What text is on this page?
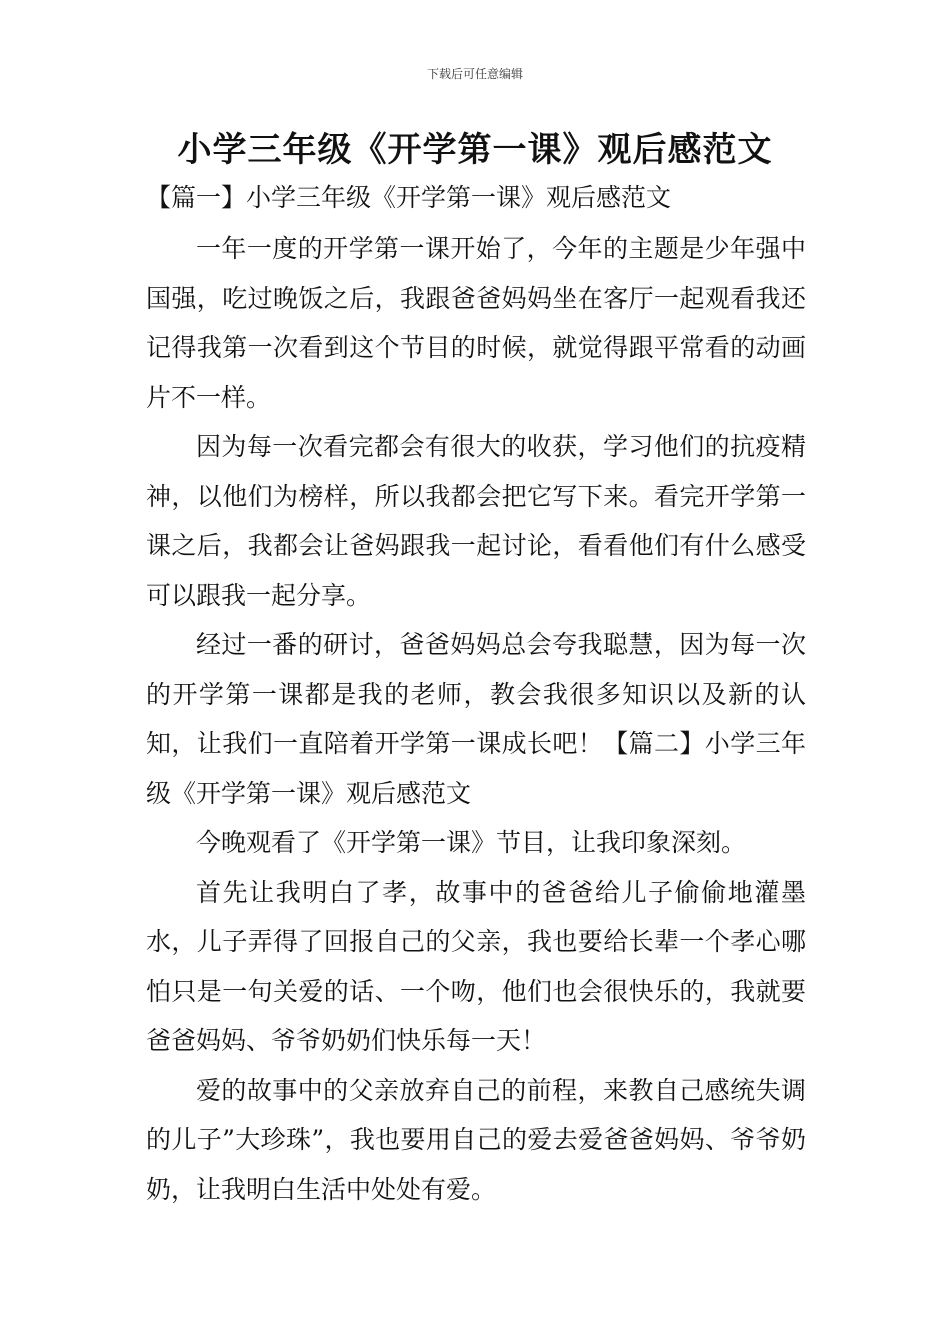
下载后可任意编辑
小学三年级《开学第一课》观后感范文
【篇一】小学三年级《开学第一课》观后感范文

一年一度的开学第一课开始了，今年的主题是少年强中国强，吃过晚饭之后，我跟爸爸妈妈坐在客厅一起观看我还记得我第一次看到这个节目的时候，就觉得跟平常看的动画片不一样。

因为每一次看完都会有很大的收获，学习他们的抗疫精神，以他们为榜样，所以我都会把它写下来。看完开学第一课之后，我都会让爸妈跟我一起讨论，看看他们有什么感受可以跟我一起分享。

经过一番的研讨，爸爸妈妈总会夸我聪慧，因为每一次的开学第一课都是我的老师，教会我很多知识以及新的认知，让我们一直陪着开学第一课成长吧！【篇二】小学三年级《开学第一课》观后感范文

今晚观看了《开学第一课》节目，让我印象深刻。

首先让我明白了孝，故事中的爸爸给儿子偷偷地灌墨水，儿子弄得了回报自己的父亲，我也要给长辈一个孝心哪怕只是一句关爱的话、一个吻，他们也会很快乐的，我就要爸爸妈妈、爷爷奶奶们快乐每一天！

爱的故事中的父亲放弃自己的前程，来教自己感统失调的儿子”大珍珠”，我也要用自己的爱去爱爸爸妈妈、爷爷奶奶，让我明白生活中处处有爱。
